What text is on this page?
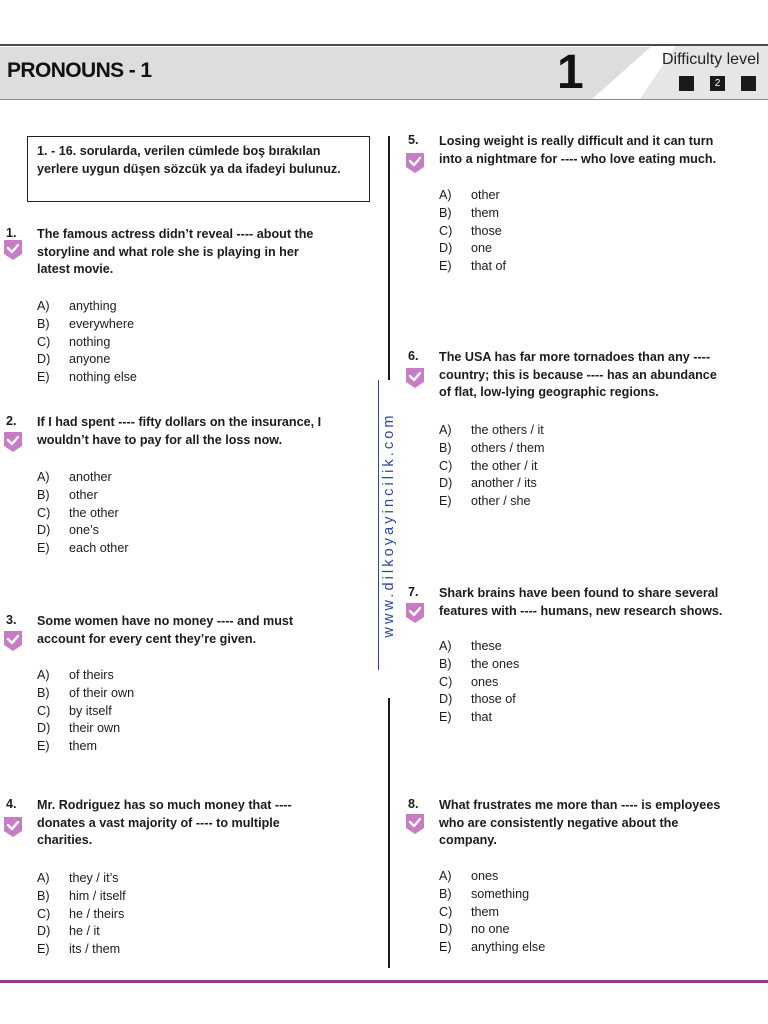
PRONOUNS - 1	1	Difficulty level
2
www.dilkoyayincilik.com
1. - 16. sorularda, verilen cümlede boş bırakılan yerlere uygun düşen sözcük ya da ifadeyi bulunuz.
1. The famous actress didn’t reveal ---- about the
storyline and what role she is playing in her
latest movie.
A) anything
B) everywhere
C) nothing
D) anyone
E) nothing else
2. If I had spent ---- fifty dollars on the insurance, I
wouldn’t have to pay for all the loss now.
A) another
B) other
C) the other
D) one’s
E) each other
3. Some women have no money ---- and must
account for every cent they’re given.
A) of theirs
B) of their own
C) by itself
D) their own
E) them
4. Mr. Rodriguez has so much money that ----
donates a vast majority of ---- to multiple
charities.
A) they / it’s
B) him / itself
C) he / theirs
D) he / it
E) its / them
5. Losing weight is really difficult and it can turn
into a nightmare for ---- who love eating much.
A) other
B) them
C) those
D) one
E) that of
6. The USA has far more tornadoes than any ----
country; this is because ---- has an abundance
of flat, low-lying geographic regions.
A) the others / it
B) others / them
C) the other / it
D) another / its
E) other / she
7. Shark brains have been found to share several
features with ---- humans, new research shows.
A) these
B) the ones
C) ones
D) those of
E) that
8. What frustrates me more than ---- is employees
who are consistently negative about the
company.
A) ones
B) something
C) them
D) no one
E) anything else
